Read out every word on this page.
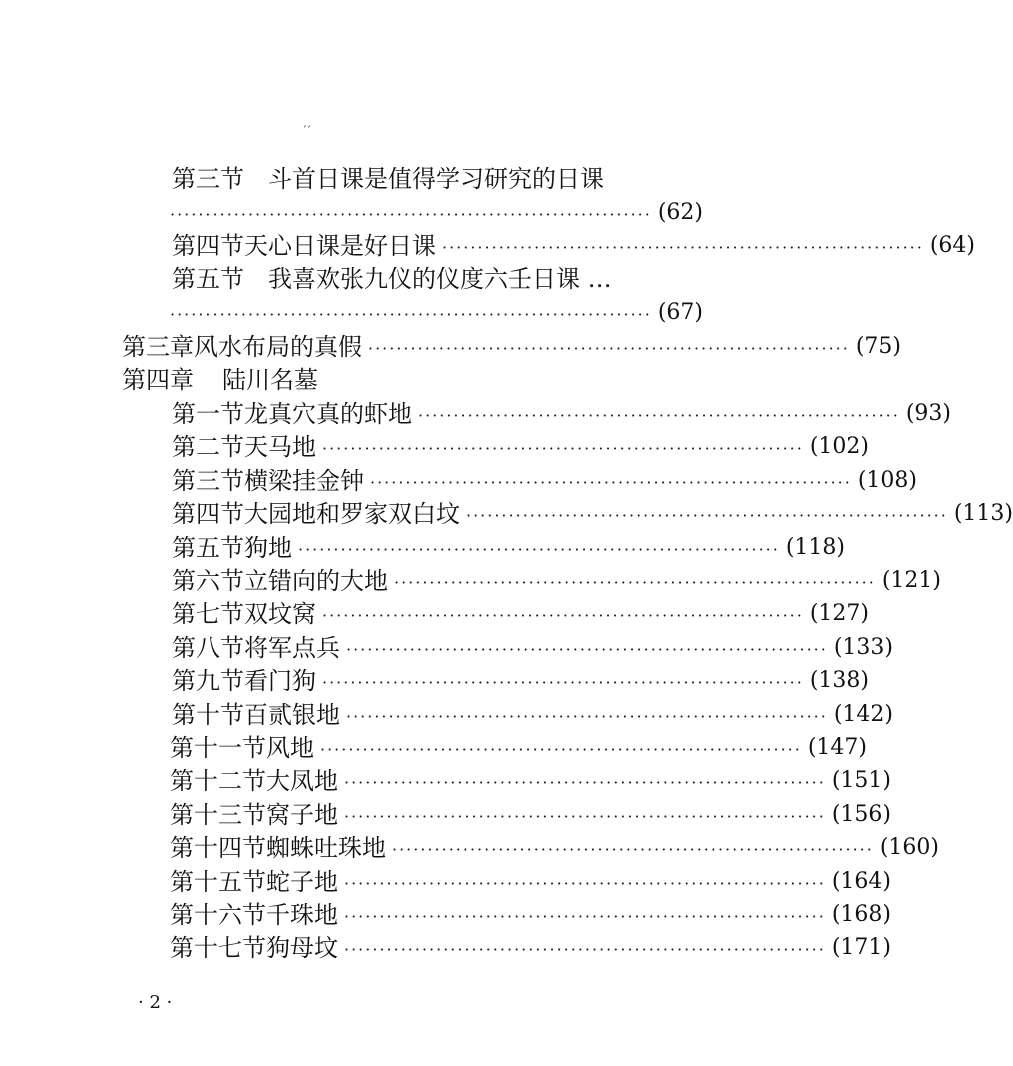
´´
第三节 斗首日课是值得学习研究的日课
···································································· (62)
第四节 天心日课是好日课 ···································································· (64)
第五节 我喜欢张九仪的仪度六壬日课 …
···································································· (67)
第三章 风水布局的真假 ···································································· (75)
第四章 陆川名墓
第一节 龙真穴真的虾地 ···································································· (93)
第二节 天马地 ···································································· (102)
第三节 横梁挂金钟 ···································································· (108)
第四节 大园地和罗家双白坟 ···································································· (113)
第五节 狗地 ···································································· (118)
第六节 立错向的大地 ···································································· (121)
第七节 双坟窝 ···································································· (127)
第八节 将军点兵 ···································································· (133)
第九节 看门狗 ···································································· (138)
第十节 百贰银地 ···································································· (142)
第十一节 风地 ···································································· (147)
第十二节 大凤地 ···································································· (151)
第十三节 窝子地 ···································································· (156)
第十四节 蜘蛛吐珠地 ···································································· (160)
第十五节 蛇子地 ···································································· (164)
第十六节 千珠地 ···································································· (168)
第十七节 狗母坟 ···································································· (171)
· 2 ·
